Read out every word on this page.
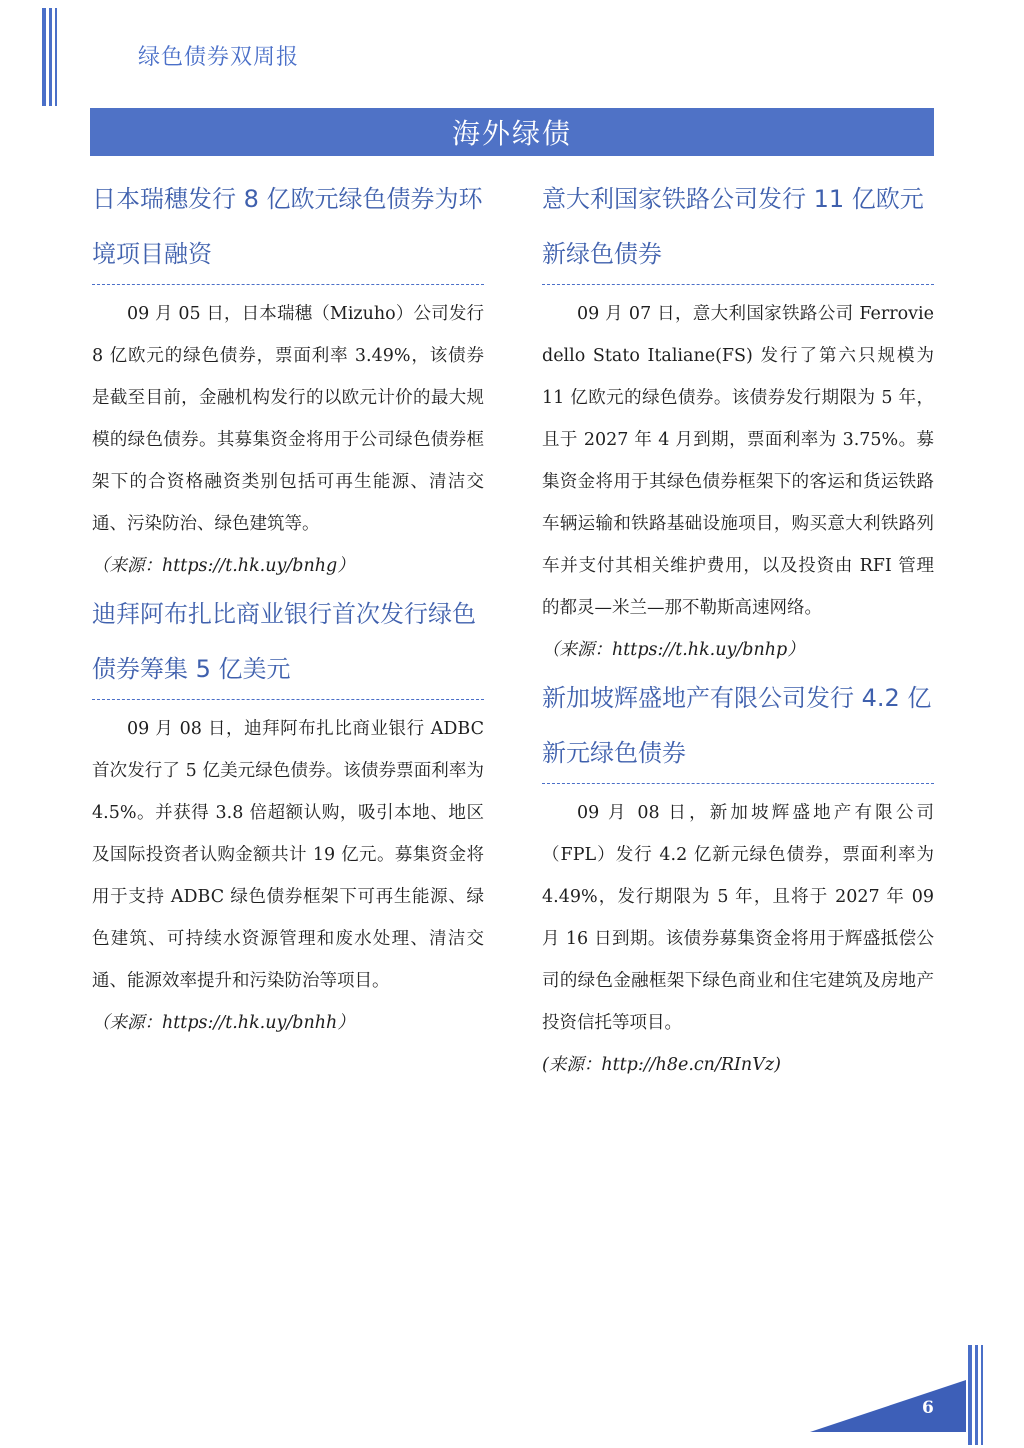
绿色债券双周报
海外绿债
日本瑞穗发行 8 亿欧元绿色债券为环境项目融资

09 月 05 日，日本瑞穗（Mizuho）公司发行 8 亿欧元的绿色债券，票面利率 3.49%，该债券是截至目前，金融机构发行的以欧元计价的最大规模的绿色债券。其募集资金将用于公司绿色债券框架下的合资格融资类别包括可再生能源、清洁交通、污染防治、绿色建筑等。

（来源：https://t.hk.uy/bnhg）

迪拜阿布扎比商业银行首次发行绿色债券筹集 5 亿美元

09 月 08 日，迪拜阿布扎比商业银行 ADBC 首次发行了 5 亿美元绿色债券。该债券票面利率为 4.5%。并获得 3.8 倍超额认购，吸引本地、地区及国际投资者认购金额共计 19 亿元。募集资金将用于支持 ADBC 绿色债券框架下可再生能源、绿色建筑、可持续水资源管理和废水处理、清洁交通、能源效率提升和污染防治等项目。

（来源：https://t.hk.uy/bnhh）

意大利国家铁路公司发行 11 亿欧元新绿色债券

09 月 07 日，意大利国家铁路公司 Ferrovie dello Stato Italiane(FS) 发行了第六只规模为 11 亿欧元的绿色债券。该债券发行期限为 5 年，且于 2027 年 4 月到期，票面利率为 3.75%。募集资金将用于其绿色债券框架下的客运和货运铁路车辆运输和铁路基础设施项目，购买意大利铁路列车并支付其相关维护费用，以及投资由 RFI 管理的都灵—米兰—那不勒斯高速网络。

（来源：https://t.hk.uy/bnhp）

新加坡辉盛地产有限公司发行 4.2 亿新元绿色债券

09 月 08 日，新加坡辉盛地产有限公司（FPL）发行 4.2 亿新元绿色债券，票面利率为 4.49%，发行期限为 5 年，且将于 2027 年 09 月 16 日到期。该债券募集资金将用于辉盛抵偿公司的绿色金融框架下绿色商业和住宅建筑及房地产投资信托等项目。

(来源：http://h8e.cn/RInVz)

6
